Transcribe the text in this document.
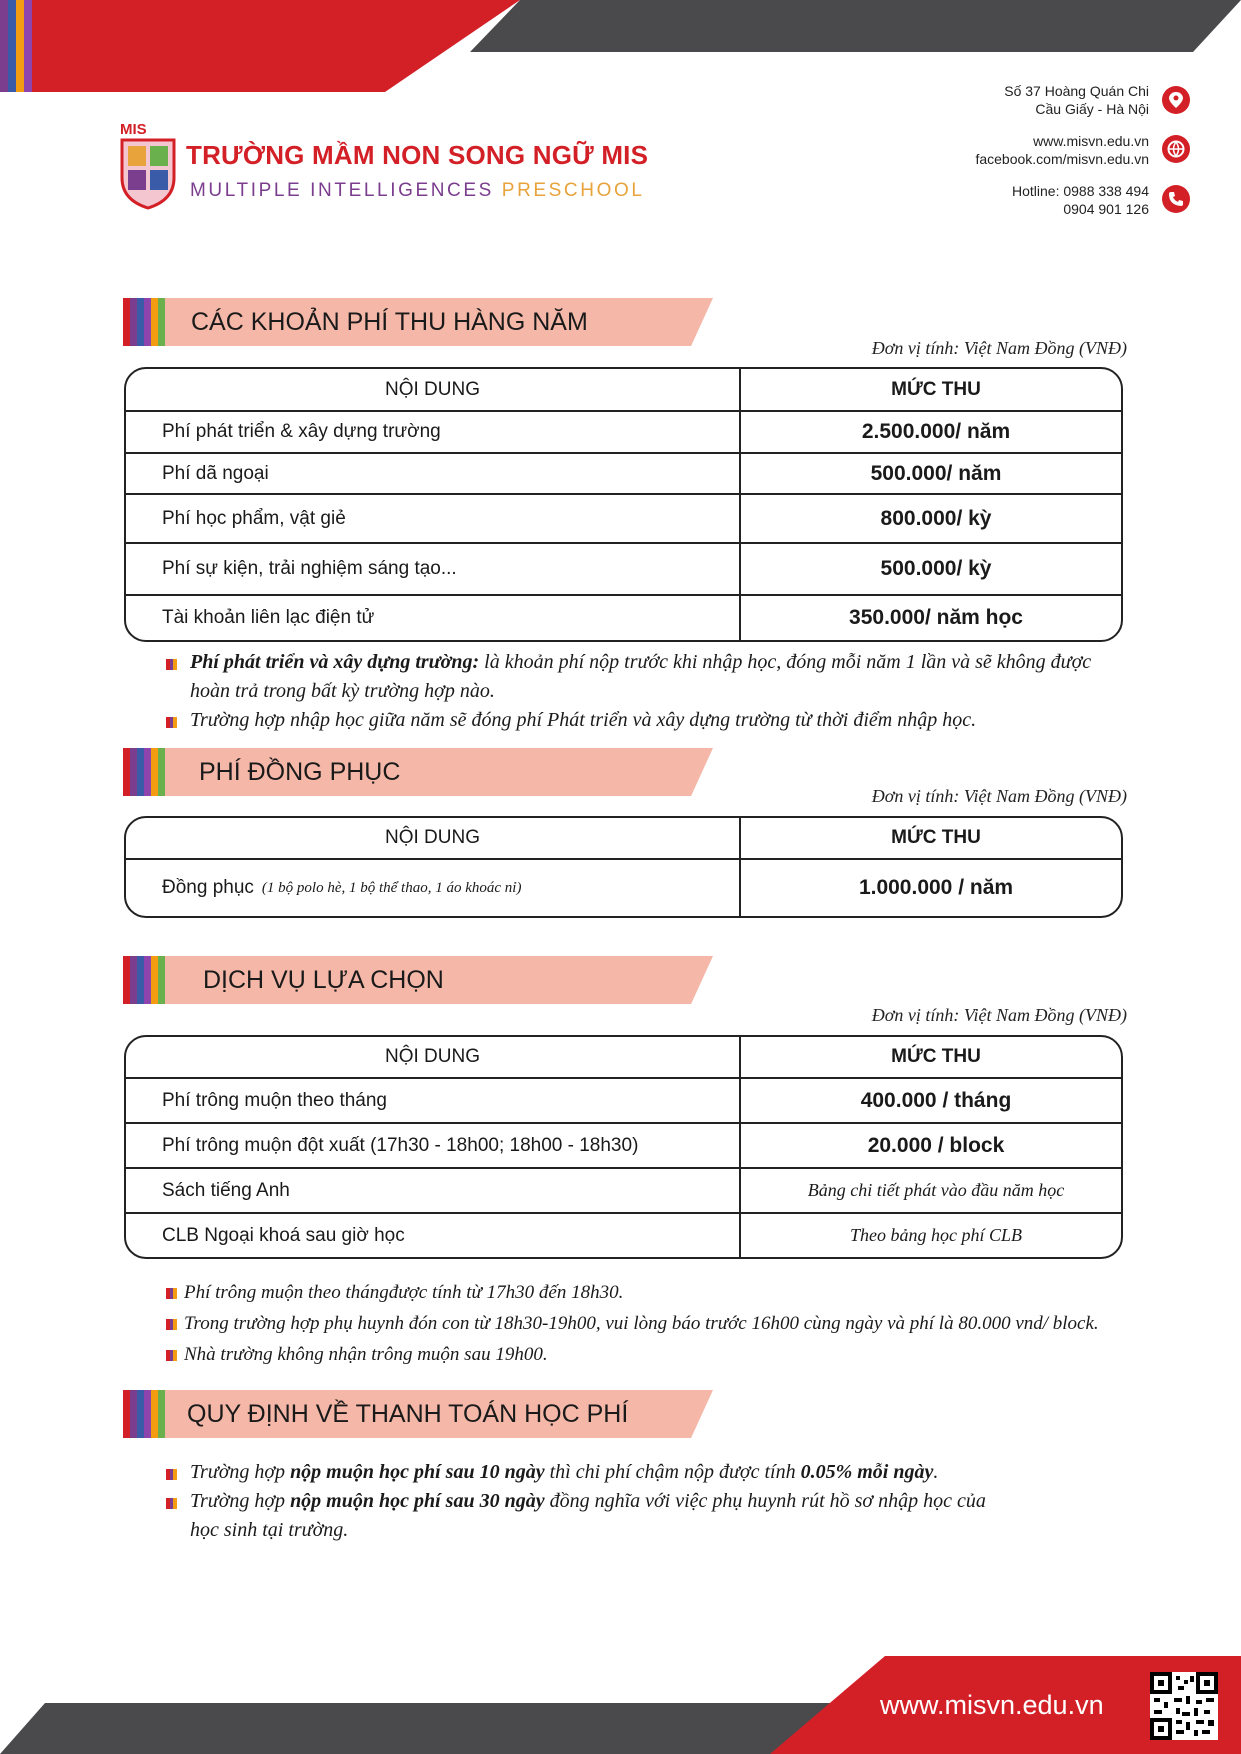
MIS
TRƯỜNG MẦM NON SONG NGỮ MIS
MULTIPLE INTELLIGENCES PRESCHOOL
Số 37 Hoàng Quán Chi
Cầu Giấy - Hà Nội
www.misvn.edu.vn
facebook.com/misvn.edu.vn
Hotline: 0988 338 494
0904 901 126
CÁC KHOẢN PHÍ THU HÀNG NĂM
Đơn vị tính: Việt Nam Đồng (VNĐ)
NỘI DUNG	MỨC THU
Phí phát triển & xây dựng trường	2.500.000/ năm
Phí dã ngoại	500.000/ năm
Phí học phẩm, vật giẻ	800.000/ kỳ
Phí sự kiện, trải nghiệm sáng tạo...	500.000/ kỳ
Tài khoản liên lạc điện tử	350.000/ năm học
Phí phát triển và xây dựng trường: là khoản phí nộp trước khi nhập học, đóng mỗi năm 1 lần và sẽ không được
hoàn trả trong bất kỳ trường hợp nào.
Trường hợp nhập học giữa năm sẽ đóng phí Phát triển và xây dựng trường từ thời điểm nhập học.
PHÍ ĐỒNG PHỤC
Đơn vị tính: Việt Nam Đồng (VNĐ)
NỘI DUNG	MỨC THU
Đồng phục (1 bộ polo hè, 1 bộ thể thao, 1 áo khoác nỉ)	1.000.000 / năm
DỊCH VỤ LỰA CHỌN
Đơn vị tính: Việt Nam Đồng (VNĐ)
NỘI DUNG	MỨC THU
Phí trông muộn theo tháng	400.000 / tháng
Phí trông muộn đột xuất (17h30 - 18h00; 18h00 - 18h30)	20.000 / block
Sách tiếng Anh	Bảng chi tiết phát vào đầu năm học
CLB Ngoại khoá sau giờ học	Theo bảng học phí CLB
Phí trông muộn theo thángđược tính từ 17h30 đến 18h30.
Trong trường hợp phụ huynh đón con từ 18h30-19h00, vui lòng báo trước 16h00 cùng ngày và phí là 80.000 vnd/ block.
Nhà trường không nhận trông muộn sau 19h00.
QUY ĐỊNH VỀ THANH TOÁN HỌC PHÍ
Trường hợp nộp muộn học phí sau 10 ngày thì chi phí chậm nộp được tính 0.05% mỗi ngày.
Trường hợp nộp muộn học phí sau 30 ngày đồng nghĩa với việc phụ huynh rút hồ sơ nhập học của
học sinh tại trường.
www.misvn.edu.vn
